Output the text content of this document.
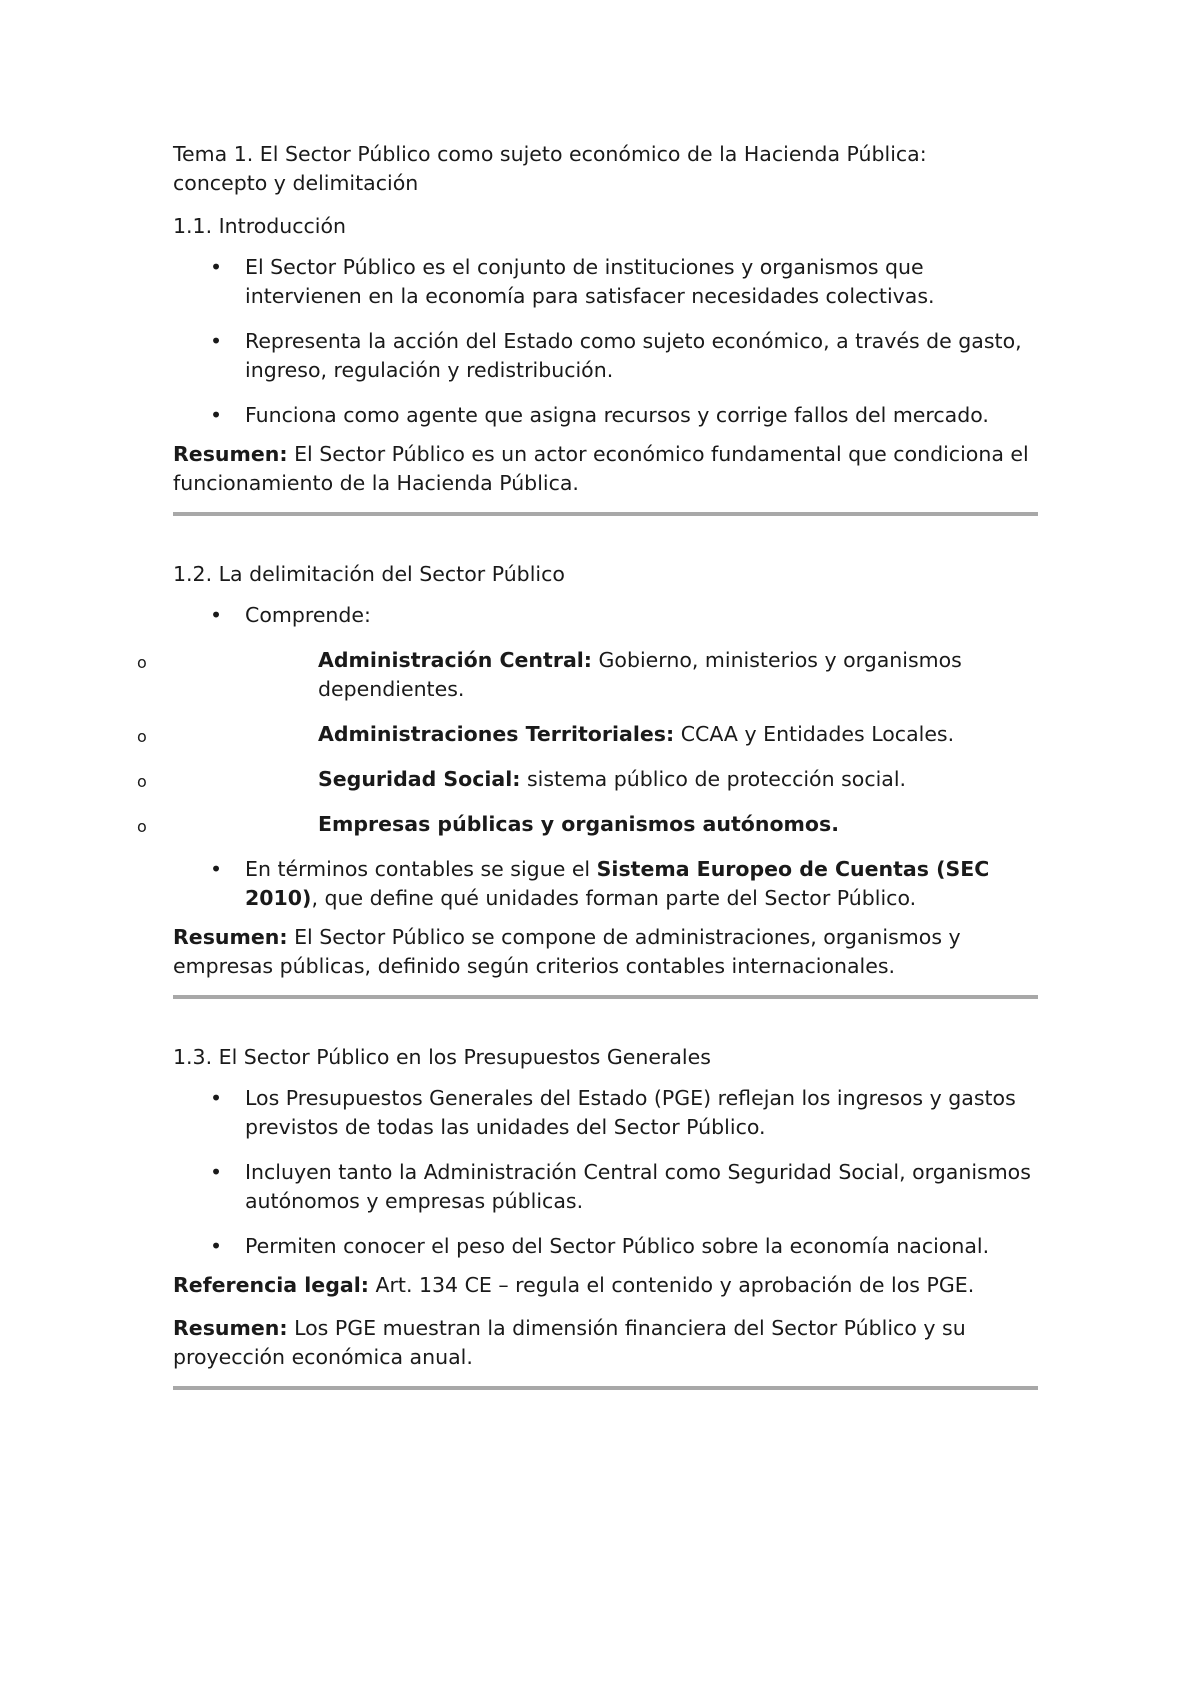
Tema 1. El Sector Público como sujeto económico de la Hacienda Pública:
concepto y delimitación
1.1. Introducción
• El Sector Público es el conjunto de instituciones y organismos que intervienen en la economía para satisfacer necesidades colectivas.
• Representa la acción del Estado como sujeto económico, a través de gasto, ingreso, regulación y redistribución.
• Funciona como agente que asigna recursos y corrige fallos del mercado.
Resumen: El Sector Público es un actor económico fundamental que condiciona el funcionamiento de la Hacienda Pública.
1.2. La delimitación del Sector Público
• Comprende:
o	Administración Central: Gobierno, ministerios y organismos dependientes.
o	Administraciones Territoriales: CCAA y Entidades Locales.
o	Seguridad Social: sistema público de protección social.
o	Empresas públicas y organismos autónomos.
• En términos contables se sigue el Sistema Europeo de Cuentas (SEC 2010), que define qué unidades forman parte del Sector Público.
Resumen: El Sector Público se compone de administraciones, organismos y empresas públicas, definido según criterios contables internacionales.
1.3. El Sector Público en los Presupuestos Generales
• Los Presupuestos Generales del Estado (PGE) reflejan los ingresos y gastos previstos de todas las unidades del Sector Público.
• Incluyen tanto la Administración Central como Seguridad Social, organismos autónomos y empresas públicas.
• Permiten conocer el peso del Sector Público sobre la economía nacional.
Referencia legal: Art. 134 CE – regula el contenido y aprobación de los PGE.
Resumen: Los PGE muestran la dimensión financiera del Sector Público y su proyección económica anual.
